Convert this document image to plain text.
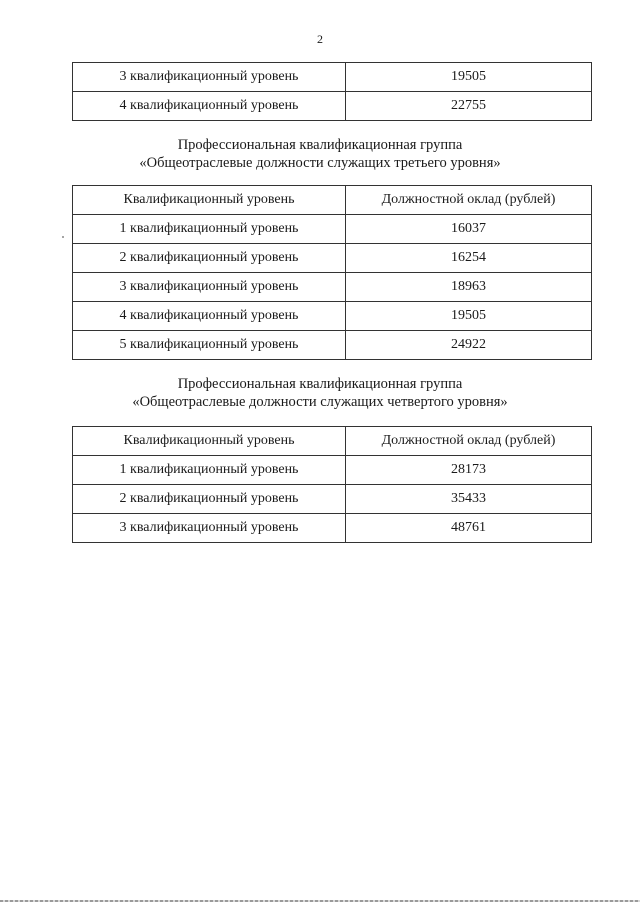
2
3 квалификационный уровень	19505
4 квалификационный уровень	22755
Профессиональная квалификационная группа
«Общеотраслевые должности служащих третьего уровня»
Квалификационный уровень	Должностной оклад (рублей)
1 квалификационный уровень	16037
2 квалификационный уровень	16254
3 квалификационный уровень	18963
4 квалификационный уровень	19505
5 квалификационный уровень	24922
Профессиональная квалификационная группа
«Общеотраслевые должности служащих четвертого уровня»
Квалификационный уровень	Должностной оклад (рублей)
1 квалификационный уровень	28173
2 квалификационный уровень	35433
3 квалификационный уровень	48761
